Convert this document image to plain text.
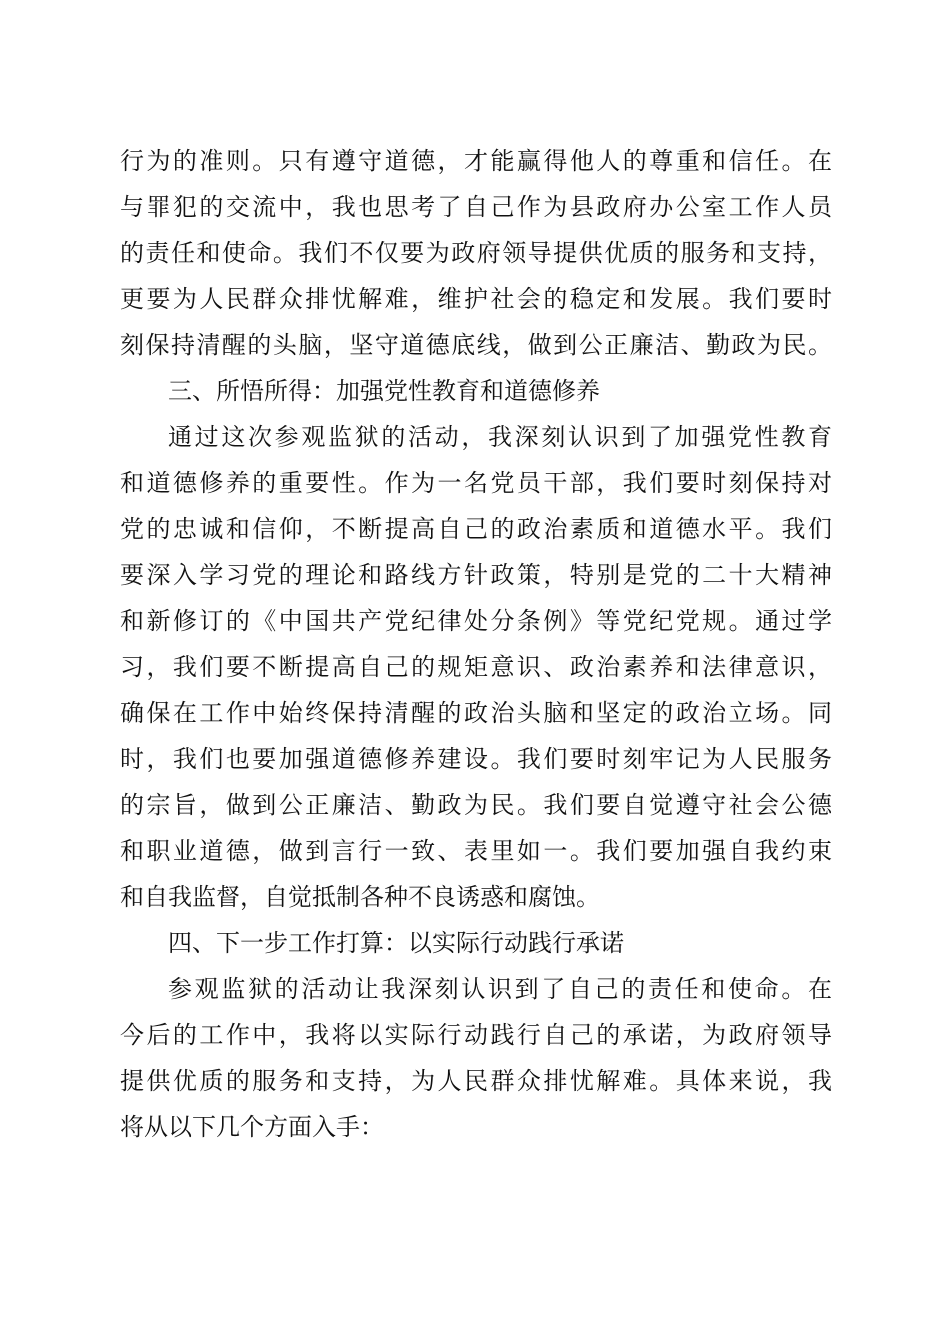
行为的准则。只有遵守道德，才能赢得他人的尊重和信任。在
与罪犯的交流中，我也思考了自己作为县政府办公室工作人员
的责任和使命。我们不仅要为政府领导提供优质的服务和支持，
更要为人民群众排忧解难，维护社会的稳定和发展。我们要时
刻保持清醒的头脑，坚守道德底线，做到公正廉洁、勤政为民。
三、所悟所得：加强党性教育和道德修养
通过这次参观监狱的活动，我深刻认识到了加强党性教育
和道德修养的重要性。作为一名党员干部，我们要时刻保持对
党的忠诚和信仰，不断提高自己的政治素质和道德水平。我们
要深入学习党的理论和路线方针政策，特别是党的二十大精神
和新修订的《中国共产党纪律处分条例》等党纪党规。通过学
习，我们要不断提高自己的规矩意识、政治素养和法律意识，
确保在工作中始终保持清醒的政治头脑和坚定的政治立场。同
时，我们也要加强道德修养建设。我们要时刻牢记为人民服务
的宗旨，做到公正廉洁、勤政为民。我们要自觉遵守社会公德
和职业道德，做到言行一致、表里如一。我们要加强自我约束
和自我监督，自觉抵制各种不良诱惑和腐蚀。
四、下一步工作打算：以实际行动践行承诺
参观监狱的活动让我深刻认识到了自己的责任和使命。在
今后的工作中，我将以实际行动践行自己的承诺，为政府领导
提供优质的服务和支持，为人民群众排忧解难。具体来说，我
将从以下几个方面入手：
